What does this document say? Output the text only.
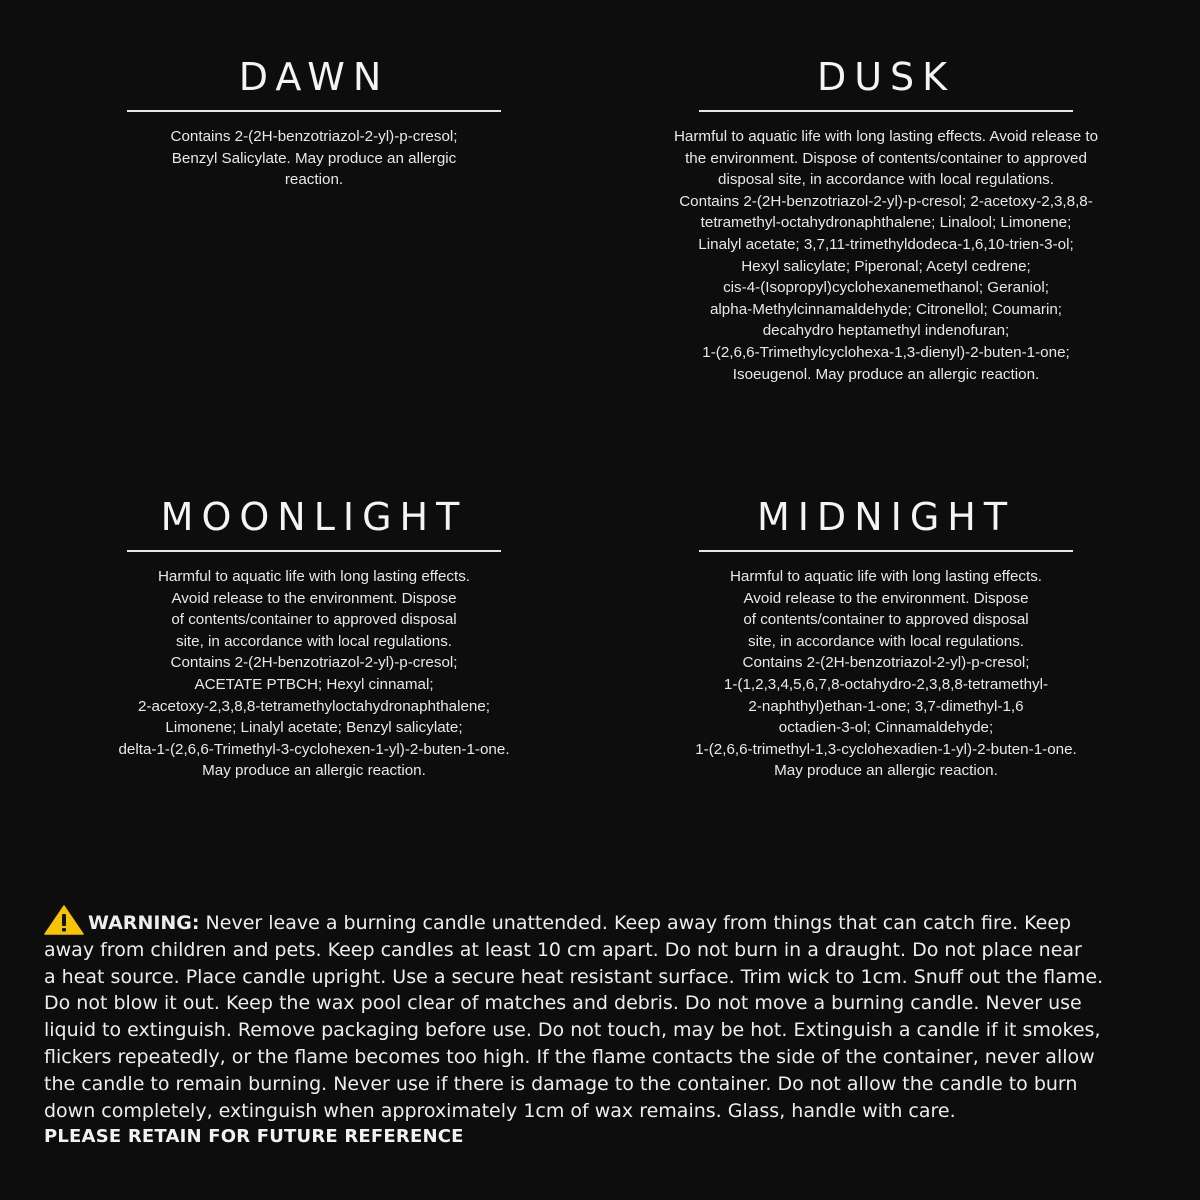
DAWN
Contains 2-(2H-benzotriazol-2-yl)-p-cresol;
Benzyl Salicylate. May produce an allergic
reaction.
DUSK
Harmful to aquatic life with long lasting effects. Avoid release to
the environment. Dispose of contents/container to approved
disposal site, in accordance with local regulations.
Contains 2-(2H-benzotriazol-2-yl)-p-cresol; 2-acetoxy-2,3,8,8-
tetramethyl-octahydronaphthalene; Linalool; Limonene;
Linalyl acetate; 3,7,11-trimethyldodeca-1,6,10-trien-3-ol;
Hexyl salicylate; Piperonal; Acetyl cedrene;
cis-4-(Isopropyl)cyclohexanemethanol; Geraniol;
alpha-Methylcinnamaldehyde; Citronellol; Coumarin;
decahydro heptamethyl indenofuran;
1-(2,6,6-Trimethylcyclohexa-1,3-dienyl)-2-buten-1-one;
Isoeugenol. May produce an allergic reaction.
MOONLIGHT
Harmful to aquatic life with long lasting effects.
Avoid release to the environment. Dispose
of contents/container to approved disposal
site, in accordance with local regulations.
Contains 2-(2H-benzotriazol-2-yl)-p-cresol;
ACETATE PTBCH; Hexyl cinnamal;
2-acetoxy-2,3,8,8-tetramethyloctahydronaphthalene;
Limonene; Linalyl acetate; Benzyl salicylate;
delta-1-(2,6,6-Trimethyl-3-cyclohexen-1-yl)-2-buten-1-one.
May produce an allergic reaction.
MIDNIGHT
Harmful to aquatic life with long lasting effects.
Avoid release to the environment. Dispose
of contents/container to approved disposal
site, in accordance with local regulations.
Contains 2-(2H-benzotriazol-2-yl)-p-cresol;
1-(1,2,3,4,5,6,7,8-octahydro-2,3,8,8-tetramethyl-
2-naphthyl)ethan-1-one; 3,7-dimethyl-1,6
octadien-3-ol; Cinnamaldehyde;
1-(2,6,6-trimethyl-1,3-cyclohexadien-1-yl)-2-buten-1-one.
May produce an allergic reaction.
WARNING: Never leave a burning candle unattended. Keep away from things that can catch fire. Keep
away from children and pets. Keep candles at least 10 cm apart. Do not burn in a draught. Do not place near
a heat source. Place candle upright. Use a secure heat resistant surface. Trim wick to 1cm. Snuff out the flame.
Do not blow it out. Keep the wax pool clear of matches and debris. Do not move a burning candle. Never use
liquid to extinguish. Remove packaging before use. Do not touch, may be hot. Extinguish a candle if it smokes,
flickers repeatedly, or the flame becomes too high. If the flame contacts the side of the container, never allow
the candle to remain burning. Never use if there is damage to the container. Do not allow the candle to burn
down completely, extinguish when approximately 1cm of wax remains. Glass, handle with care.
PLEASE RETAIN FOR FUTURE REFERENCE
